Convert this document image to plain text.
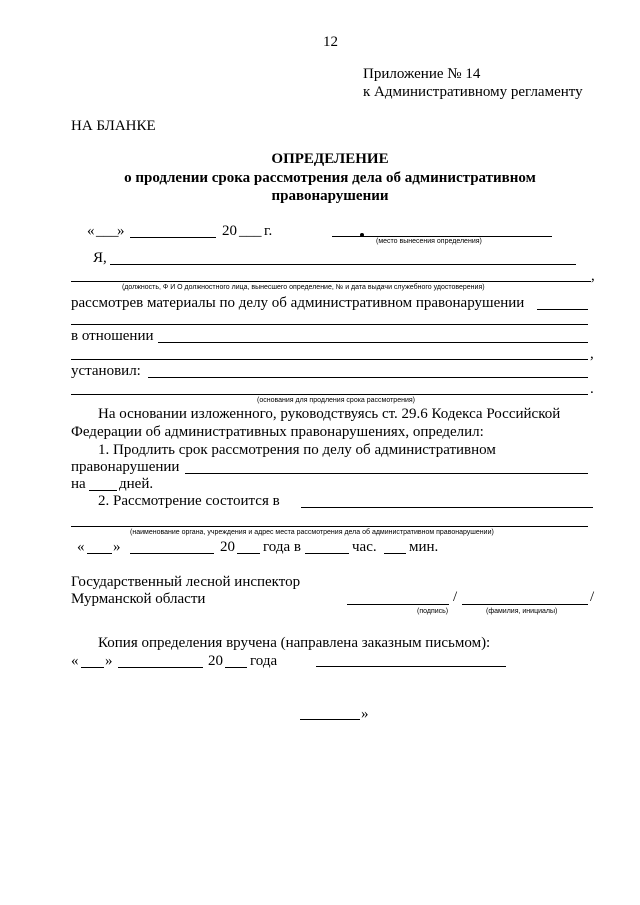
12
Приложение № 14
к Административному регламенту
НА БЛАНКЕ
ОПРЕДЕЛЕНИЕ
о продлении срока рассмотрения дела об административном
правонарушении
« ___
»	20 ___ г.
(место вынесения определения)
Я,
,
(должность, Ф И О должностного лица, вынесшего определение, № и дата выдачи служебного удостоверения)
рассмотрев материалы по делу об административном правонарушении
в отношении
,
установил:
.
(основания для продления срока рассмотрения)
На основании изложенного, руководствуясь ст. 29.6 Кодекса Российской
Федерации об административных правонарушениях, определил:
1. Продлить срок рассмотрения по делу об административном
правонарушении
на дней.
2. Рассмотрение состоится в
(наименование органа, учреждения и адрес места рассмотрения дела об административном правонарушении)
« »	20 года в	час. мин.
Государственный лесной инспектор
Мурманской области	/	/
(подпись)	(фамилия, инициалы)
Копия определения вручена (направлена заказным письмом):
« »	20 года
»
